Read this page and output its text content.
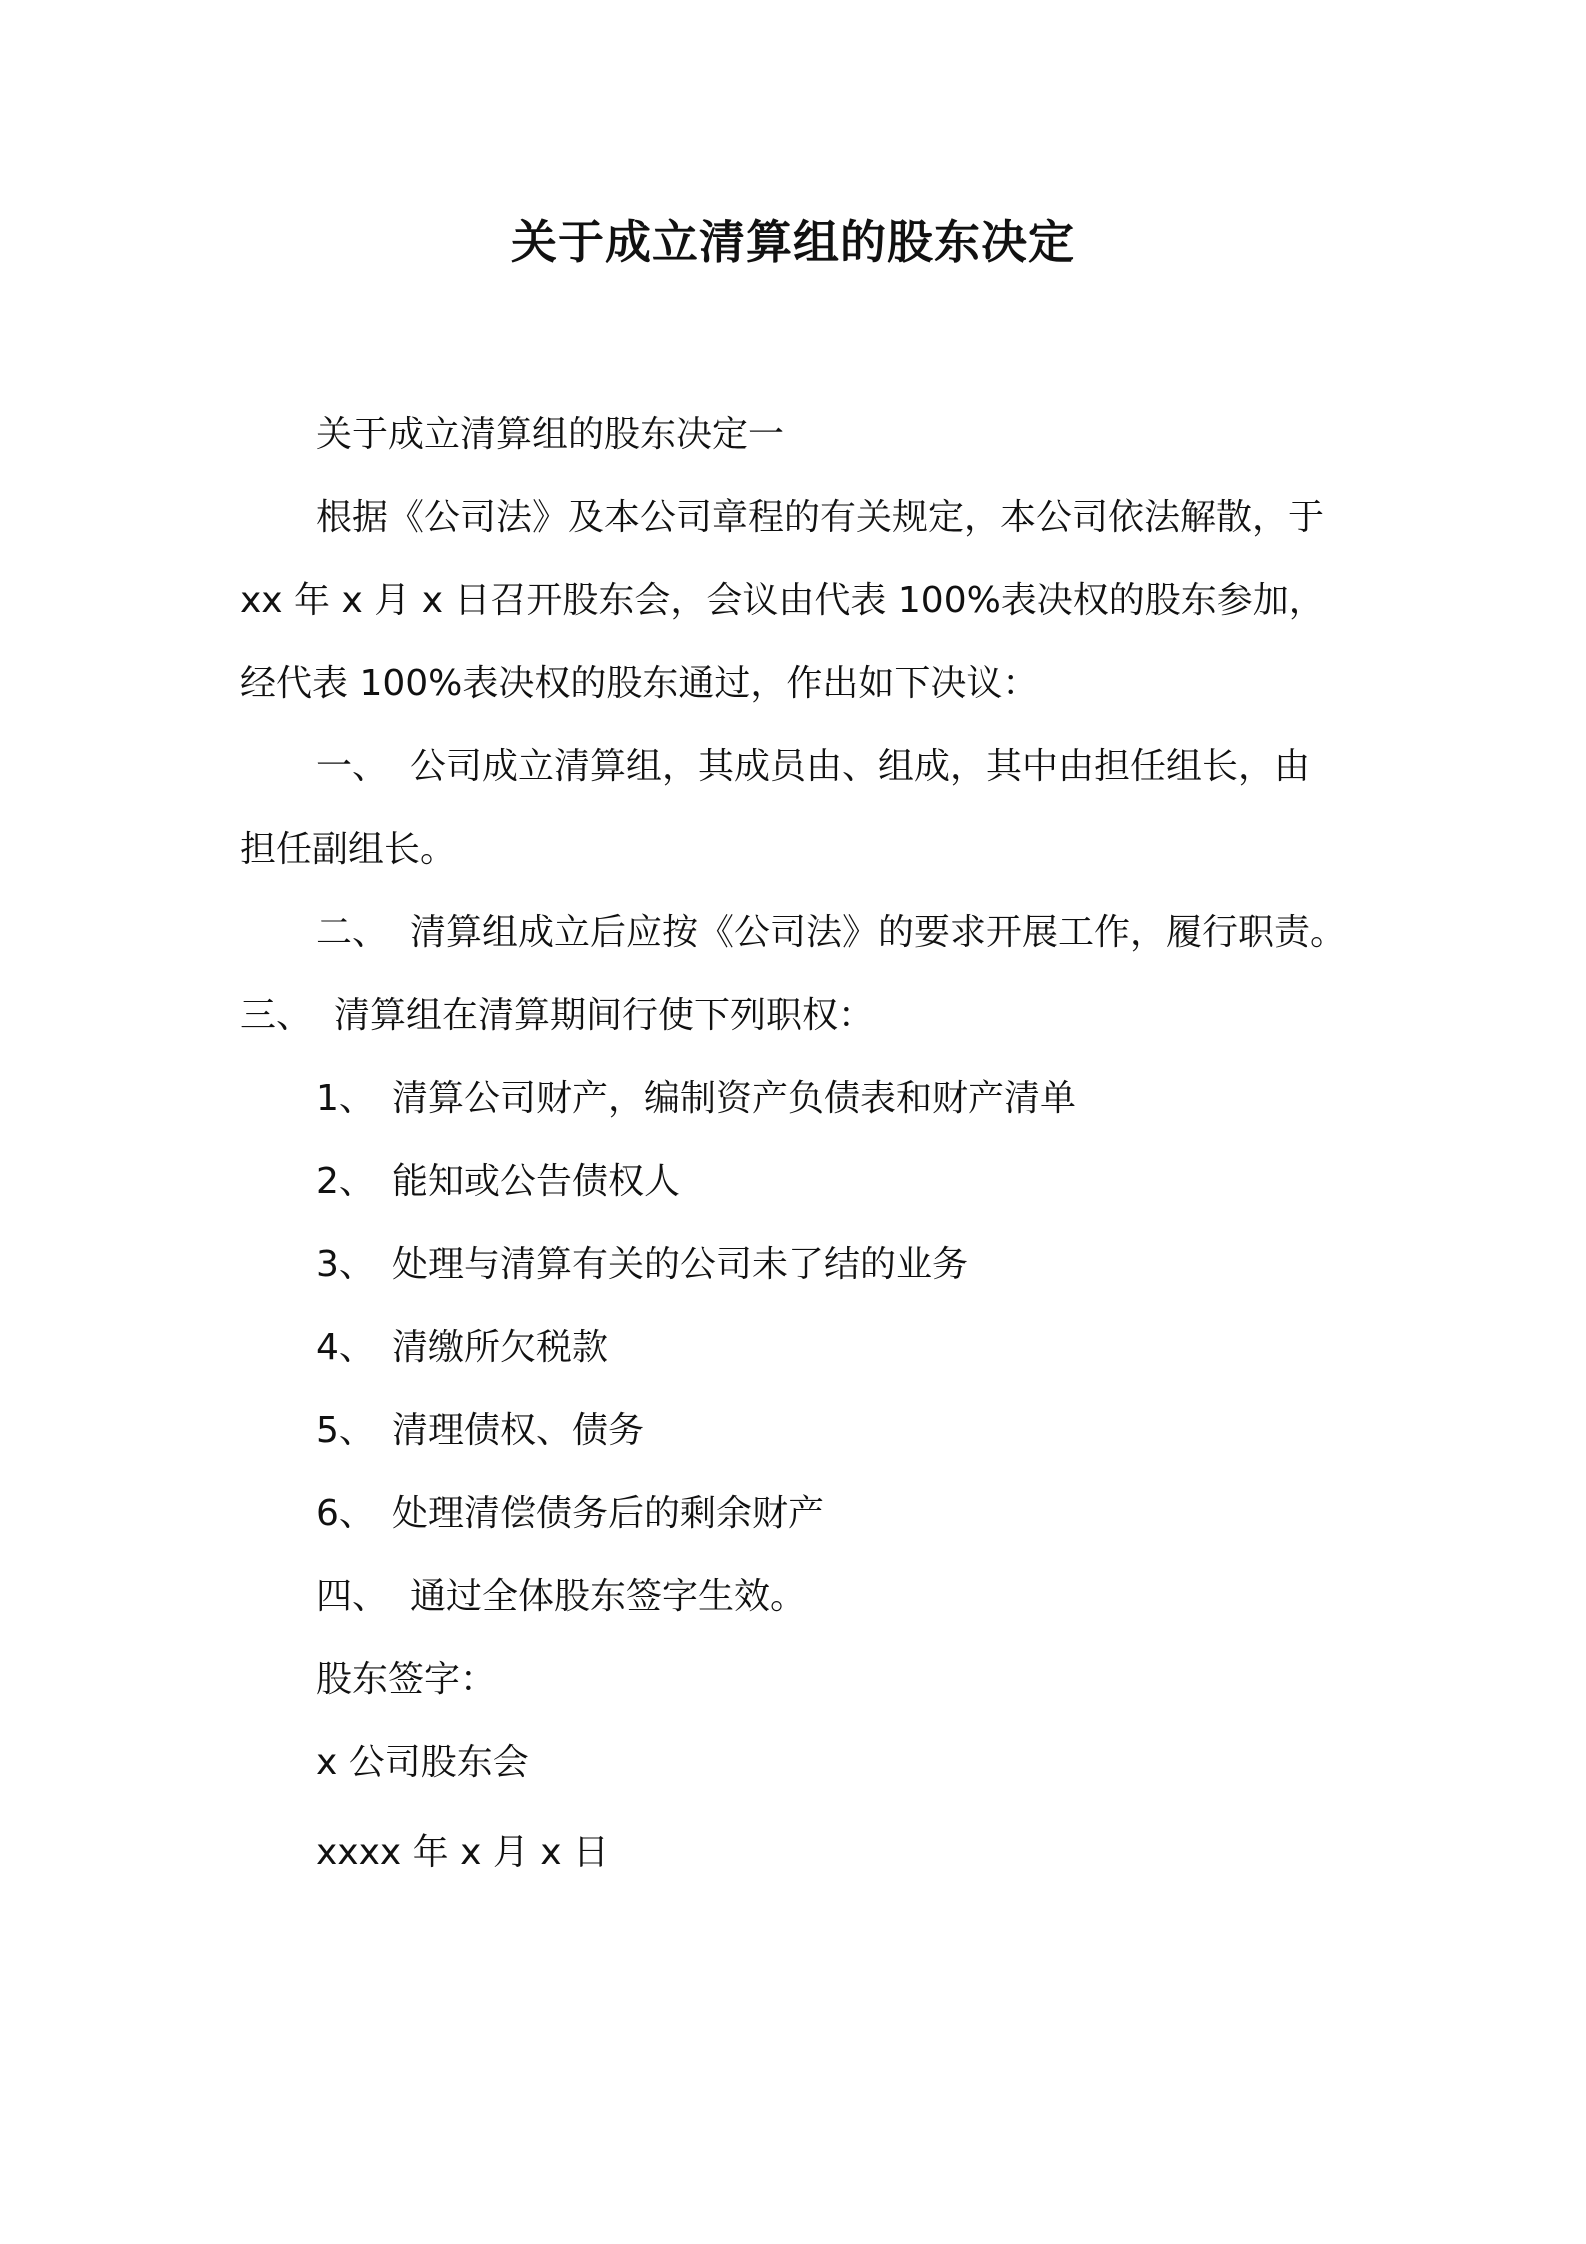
关于成立清算组的股东决定
关于成立清算组的股东决定一
根据《公司法》及本公司章程的有关规定，本公司依法解散，于
xx 年 x 月 x 日召开股东会，会议由代表 100%表决权的股东参加，
经代表 100%表决权的股东通过，作出如下决议：
一、 公司成立清算组，其成员由、组成，其中由担任组长，由
担任副组长。
二、 清算组成立后应按《公司法》的要求开展工作，履行职责。
三、 清算组在清算期间行使下列职权：
1、 清算公司财产，编制资产负债表和财产清单
2、 能知或公告债权人
3、 处理与清算有关的公司未了结的业务
4、 清缴所欠税款
5、 清理债权、债务
6、 处理清偿债务后的剩余财产
四、 通过全体股东签字生效。
股东签字：
x 公司股东会
xxxx 年 x 月 x 日
